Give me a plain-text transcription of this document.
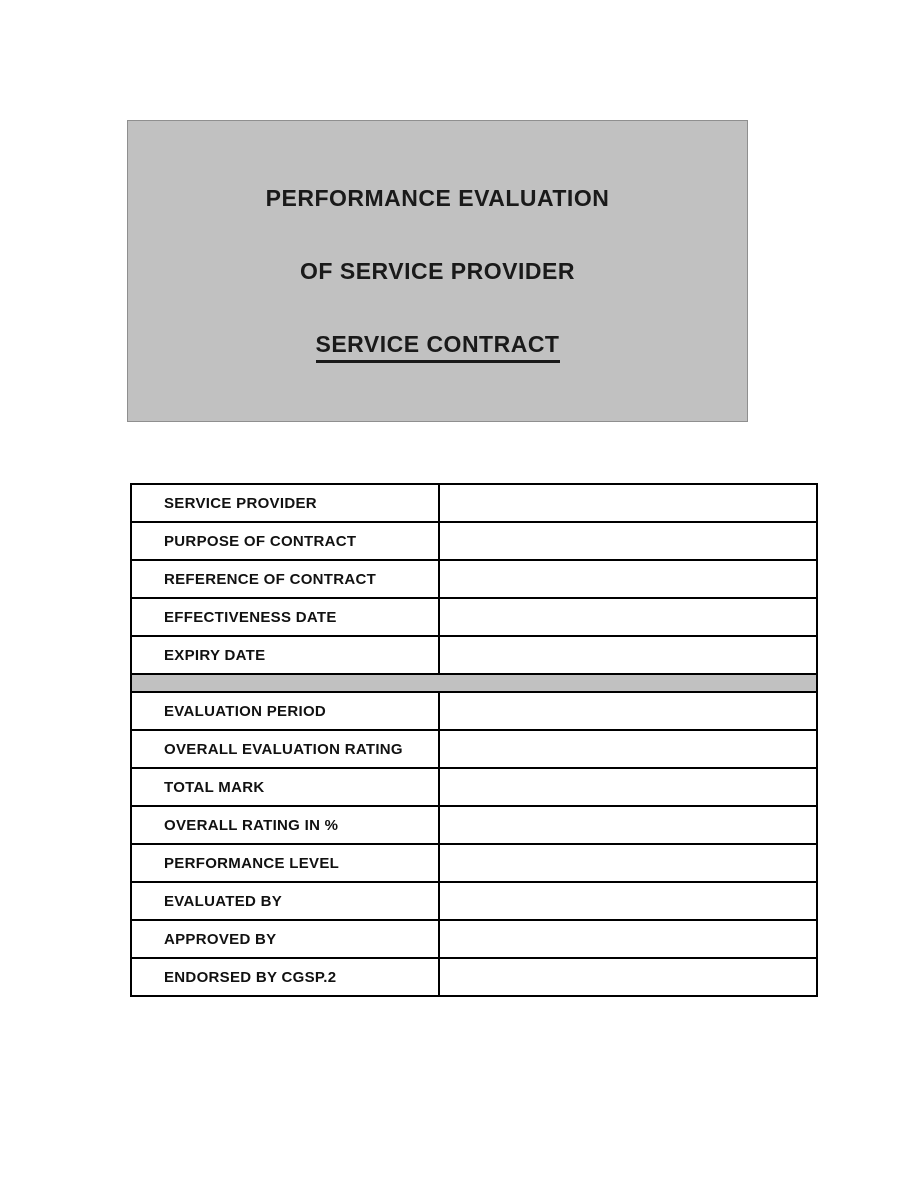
PERFORMANCE EVALUATION
OF SERVICE PROVIDER
SERVICE CONTRACT
SERVICE PROVIDER	
PURPOSE OF CONTRACT	
REFERENCE OF CONTRACT	
EFFECTIVENESS DATE	
EXPIRY DATE	

EVALUATION PERIOD	
OVERALL EVALUATION RATING	
TOTAL MARK	
OVERALL RATING IN %	
PERFORMANCE LEVEL	
EVALUATED BY	
APPROVED BY	
ENDORSED BY CGSP.2	
